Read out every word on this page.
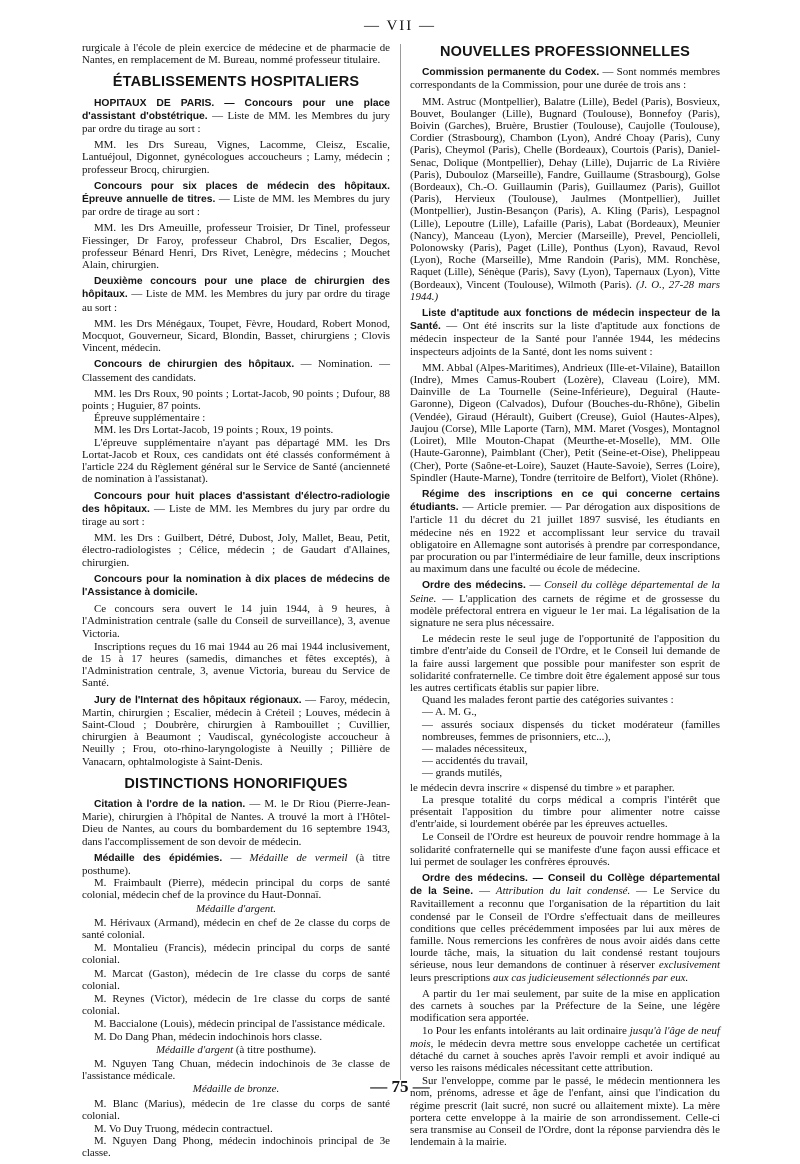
— VII —

rurgicale à l'école de plein exercice de médecine et de pharmacie de Nantes, en remplacement de M. Bureau, nommé professeur titulaire.

ÉTABLISSEMENTS HOSPITALIERS

HOPITAUX DE PARIS. — Concours pour une place d'assistant d'obstétrique. — Liste de MM. les Membres du jury par ordre du tirage au sort :

MM. les Drs Sureau, Vignes, Lacomme, Cleisz, Escalie, Lantuéjoul, Digonnet, gynécologues accoucheurs ; Lamy, médecin ; professeur Brocq, chirurgien.

Concours pour six places de médecin des hôpitaux. Épreuve annuelle de titres. — Liste de MM. les Membres du jury par ordre de tirage au sort :

MM. les Drs Ameuille, professeur Troisier, Dr Tinel, professeur Fiessinger, Dr Faroy, professeur Chabrol, Drs Escalier, Degos, professeur Bénard Henri, Drs Rivet, Lenègre, médecins ; Mouchet Alain, chirurgien.

Deuxième concours pour une place de chirurgien des hôpitaux. — Liste de MM. les Membres du jury par ordre du tirage au sort :

MM. les Drs Ménégaux, Toupet, Fèvre, Houdard, Robert Monod, Mocquot, Gouverneur, Sicard, Blondin, Basset, chirurgiens ; Clovis Vincent, médecin.

Concours de chirurgien des hôpitaux. — Nomination. — Classement des candidats.

MM. les Drs Roux, 90 points ; Lortat-Jacob, 90 points ; Dufour, 88 points ; Huguier, 87 points.

Épreuve supplémentaire :

MM. les Drs Lortat-Jacob, 19 points ; Roux, 19 points.

L'épreuve supplémentaire n'ayant pas départagé MM. les Drs Lortat-Jacob et Roux, ces candidats ont été classés conformément à l'article 224 du Règlement général sur le Service de Santé (ancienneté de nomination à l'assistanat).

Concours pour huit places d'assistant d'électro-radiologie des hôpitaux. — Liste de MM. les Membres du jury par ordre du tirage au sort :

MM. les Drs : Guilbert, Détré, Dubost, Joly, Mallet, Beau, Petit, électro-radiologistes ; Célice, médecin ; de Gaudart d'Allaines, chirurgien.

Concours pour la nomination à dix places de médecins de l'Assistance à domicile.

Ce concours sera ouvert le 14 juin 1944, à 9 heures, à l'Administration centrale (salle du Conseil de surveillance), 3, avenue Victoria.

Inscriptions reçues du 16 mai 1944 au 26 mai 1944 inclusivement, de 15 à 17 heures (samedis, dimanches et fêtes exceptés), à l'Administration centrale, 3, avenue Victoria, bureau du Service de Santé.

Jury de l'Internat des hôpitaux régionaux. — Faroy, médecin, Martin, chirurgien ; Escalier, médecin à Créteil ; Louves, médecin à Saint-Cloud ; Doubrère, chirurgien à Rambouillet ; Cuvillier, chirurgien à Beaumont ; Vaudiscal, gynécologiste accoucheur à Neuilly ; Frou, oto-rhino-laryngologiste à Neuilly ; Pillière de Vanacarn, ophtalmologiste à Saint-Denis.

DISTINCTIONS HONORIFIQUES

Citation à l'ordre de la nation. — M. le Dr Riou (Pierre-Jean-Marie), chirurgien à l'hôpital de Nantes. A trouvé la mort à l'Hôtel-Dieu de Nantes, au cours du bombardement du 16 septembre 1943, dans l'accomplissement de son devoir de médecin.

Médaille des épidémies. — Médaille de vermeil (à titre posthume).

M. Fraimbault (Pierre), médecin principal du corps de santé colonial, médecin chef de la province du Haut-Donnaï.

Médaille d'argent.

M. Hérivaux (Armand), médecin en chef de 2e classe du corps de santé colonial.

M. Montalieu (Francis), médecin principal du corps de santé colonial.

M. Marcat (Gaston), médecin de 1re classe du corps de santé colonial.

M. Reynes (Victor), médecin de 1re classe du corps de santé colonial.

M. Baccialone (Louis), médecin principal de l'assistance médicale.

M. Do Dang Phan, médecin indochinois hors classe.

Médaille d'argent (à titre posthume).

M. Nguyen Tang Chuan, médecin indochinois de 3e classe de l'assistance médicale.

Médaille de bronze.

M. Blanc (Marius), médecin de 1re classe du corps de santé colonial.

M. Vo Duy Truong, médecin contractuel.

M. Nguyen Dang Phong, médecin indochinois principal de 3e classe.

NOUVELLES PROFESSIONNELLES

Commission permanente du Codex. — Sont nommés membres correspondants de la Commission, pour une durée de trois ans :

MM. Astruc (Montpellier), Balatre (Lille), Bedel (Paris), Bosvieux, Bouvet, Boulanger (Lille), Bugnard (Toulouse), Bonnefoy (Paris), Boivin (Garches), Bruère, Brustier (Toulouse), Caujolle (Toulouse), Cordier (Strasbourg), Chambon (Lyon), André Choay (Paris), Cuny (Paris), Cheymol (Paris), Chelle (Bordeaux), Courtois (Paris), Daniel-Senac, Dolique (Montpellier), Dehay (Lille), Dujarric de La Rivière (Paris), Dubouloz (Marseille), Fandre, Guillaume (Strasbourg), Golse (Bordeaux), Ch.-O. Guillaumin (Paris), Guillaumez (Paris), Guillot (Paris), Hervieux (Toulouse), Jaulmes (Montpellier), Juillet (Montpellier), Justin-Besançon (Paris), A. Kling (Paris), Lespagnol (Lille), Lepoutre (Lille), Lafaille (Paris), Labat (Bordeaux), Meunier (Nancy), Manceau (Lyon), Mercier (Marseille), Prevel, Penciolleli, Polonowsky (Paris), Paget (Lille), Ponthus (Lyon), Ravaud, Revol (Lyon), Roche (Marseille), Mme Randoin (Paris), MM. Ronchèse, Raquet (Lille), Sénèque (Paris), Savy (Lyon), Tapernaux (Lyon), Vitte (Bordeaux), Vincent (Toulouse), Wilmoth (Paris). (J. O., 27-28 mars 1944.)

Liste d'aptitude aux fonctions de médecin inspecteur de la Santé. — Ont été inscrits sur la liste d'aptitude aux fonctions de médecin inspecteur de la Santé pour l'année 1944, les médecins inspecteurs adjoints de la Santé, dont les noms suivent :

MM. Abbal (Alpes-Maritimes), Andrieux (Ille-et-Vilaine), Bataillon (Indre), Mmes Camus-Roubert (Lozère), Claveau (Loire), MM. Dainville de La Tournelle (Seine-Inférieure), Deguiral (Haute-Garonne), Digeon (Calvados), Dufour (Bouches-du-Rhône), Gibelin (Vendée), Giraud (Hérault), Guibert (Creuse), Guiol (Hautes-Alpes), Jaujou (Corse), Mlle Laporte (Tarn), MM. Maret (Vosges), Montagnol (Loiret), Mlle Mouton-Chapat (Meurthe-et-Moselle), MM. Olle (Haute-Garonne), Paimblant (Cher), Petit (Seine-et-Oise), Phelippeau (Cher), Porte (Saône-et-Loire), Sauzet (Haute-Savoie), Serres (Loire), Spindler (Haute-Marne), Tondre (territoire de Belfort), Violet (Rhône).

Régime des inscriptions en ce qui concerne certains étudiants. — Article premier. — Par dérogation aux dispositions de l'article 11 du décret du 21 juillet 1897 susvisé, les étudiants en médecine nés en 1922 et accomplissant leur service du travail obligatoire en Allemagne sont autorisés à prendre par correspondance, par procuration ou par l'intermédiaire de leur famille, deux inscriptions au maximum dans une faculté ou école de médecine.

Ordre des médecins. — Conseil du collège départemental de la Seine. — L'application des carnets de régime et de grossesse du modèle préfectoral entrera en vigueur le 1er mai. La légalisation de la signature ne sera plus nécessaire.

Le médecin reste le seul juge de l'opportunité de l'apposition du timbre d'entr'aide du Conseil de l'Ordre, et le Conseil lui demande de la faire aussi largement que possible pour manifester son esprit de solidarité confraternelle. Ce timbre doit être également apposé sur tous les autres certificats établis sur papier libre.

Quand les malades feront partie des catégories suivantes :

— A. M. G.,
— assurés sociaux dispensés du ticket modérateur (familles nombreuses, femmes de prisonniers, etc...),
— malades nécessiteux,
— accidentés du travail,
— grands mutilés,

le médecin devra inscrire « dispensé du timbre » et parapher.

La presque totalité du corps médical a compris l'intérêt que présentait l'apposition du timbre pour alimenter notre caisse d'entr'aide, si lourdement obérée par les épreuves actuelles.

Le Conseil de l'Ordre est heureux de pouvoir rendre hommage à la solidarité confraternelle qui se manifeste d'une façon aussi efficace et lui permet de soulager les confrères éprouvés.

Ordre des médecins. — Conseil du Collège départemental de la Seine. — Attribution du lait condensé. — Le Service du Ravitaillement a reconnu que l'organisation de la répartition du lait condensé par le Conseil de l'Ordre s'effectuait dans de meilleures conditions que celles précédemment imposées par lui aux mères de famille. Nous remercions les confrères de nous avoir aidés dans cette lourde tâche, mais, la situation du lait condensé restant toujours sérieuse, nous leur demandons de continuer à réserver exclusivement leurs prescriptions aux cas judicieusement sélectionnés par eux.

A partir du 1er mai seulement, par suite de la mise en application des carnets à souches par la Préfecture de la Seine, une légère modification sera apportée.

1o Pour les enfants intolérants au lait ordinaire jusqu'à l'âge de neuf mois, le médecin devra mettre sous enveloppe cachetée un certificat détaché du carnet à souches après l'avoir rempli et avoir indiqué au verso les raisons médicales nécessitant cette attribution.

Sur l'enveloppe, comme par le passé, le médecin mentionnera les nom, prénoms, adresse et âge de l'enfant, ainsi que l'indication du régime prescrit (lait sucré, non sucré ou allaitement mixte). La mère portera cette enveloppe à la mairie de son arrondissement. Celle-ci sera transmise au Conseil de l'Ordre, dont la réponse parviendra dès le lendemain à la mairie.

— 75 —
